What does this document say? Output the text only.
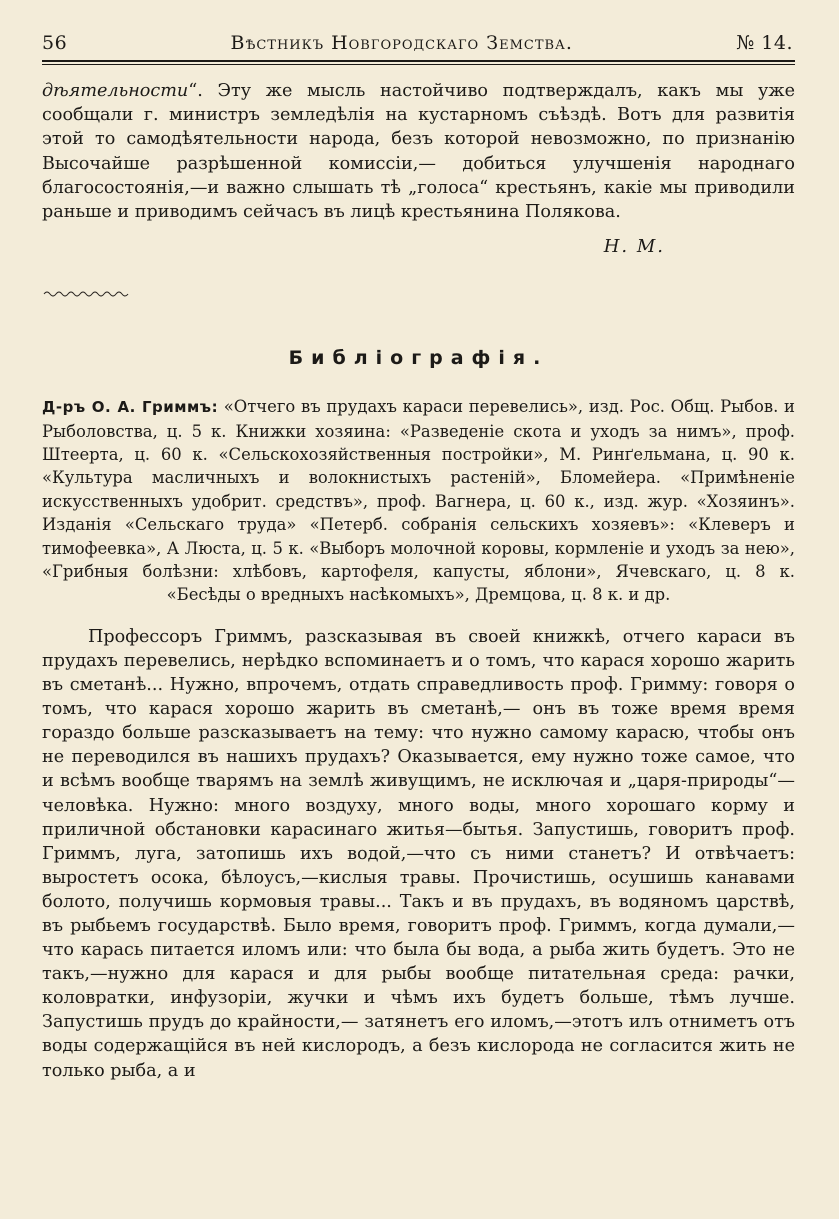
56	Вѣстникъ Новгородскаго Земства.	№ 14.

дѣятельности“. Эту же мысль настойчиво подтверждалъ, какъ мы уже сообщали г. министръ земледѣлія на кустарномъ съѣздѣ. Вотъ для развитія этой то самодѣятельности народа, безъ которой невозможно, по признанію Высочайше разрѣшенной комиссіи,— добиться улучшенія народнаго благосостоянія,—и важно слышать тѣ „голоса“ крестьянъ, какіе мы приводили раньше и приводимъ сейчасъ въ лицѣ крестьянина Полякова.

Н. М.
Библіографія.

Д-ръ О. А. Гриммъ: «Отчего въ прудахъ караси перевелись», изд. Рос. Общ. Рыбов. и Рыболовства, ц. 5 к. Книжки хозяина: «Разведеніе скота и уходъ за нимъ», проф. Штеерта, ц. 60 к. «Сельскохозяйственныя постройки», М. Ринґельмана, ц. 90 к. «Культура масличныхъ и волокнистыхъ растеній», Бломейера. «Примѣненіе искусственныхъ удобрит. средствъ», проф. Вагнера, ц. 60 к., изд. жур. «Хозяинъ». Изданія «Сельскаго труда» «Петерб. собранія сельскихъ хозяевъ»: «Клеверъ и тимофеевка», А Люста, ц. 5 к. «Выборъ молочной коровы, кормленіе и уходъ за нею», «Грибныя болѣзни: хлѣбовъ, картофеля, капусты, яблони», Ячевскаго, ц. 8 к. «Бесѣды о вредныхъ насѣкомыхъ», Дремцова, ц. 8 к. и др.

Профессоръ Гриммъ, разсказывая въ своей книжкѣ, отчего караси въ прудахъ перевелись, нерѣдко вспоминаетъ и о томъ, что карася хорошо жарить въ сметанѣ... Нужно, впрочемъ, отдать справедливость проф. Гримму: говоря о томъ, что карася хорошо жарить въ сметанѣ,— онъ въ тоже время время гораздо больше разсказываетъ на тему: что нужно самому карасю, чтобы онъ не переводился въ нашихъ прудахъ? Оказывается, ему нужно тоже самое, что и всѣмъ вообще тварямъ на землѣ живущимъ, не исключая и „царя-природы“—человѣка. Нужно: много воздуху, много воды, много хорошаго корму и приличной обстановки карасинаго житья—бытья. Запустишь, говоритъ проф. Гриммъ, луга, затопишь ихъ водой,—что съ ними станетъ? И отвѣчаетъ: выростетъ осока, бѣлоусъ,—кислыя травы. Прочистишь, осушишь канавами болото, получишь кормовыя травы... Такъ и въ прудахъ, въ водяномъ царствѣ, въ рыбьемъ государствѣ. Было время, говоритъ проф. Гриммъ, когда думали,—что карась питается иломъ или: что была бы вода, а рыба жить будетъ. Это не такъ,—нужно для карася и для рыбы вообще питательная среда: рачки, коловратки, инфузоріи, жучки и чѣмъ ихъ будетъ больше, тѣмъ лучше. Запустишь прудъ до крайности,— затянетъ его иломъ,—этотъ илъ отниметъ отъ воды содержащійся въ ней кислородъ, а безъ кислорода не согласится жить не только рыба, а и
